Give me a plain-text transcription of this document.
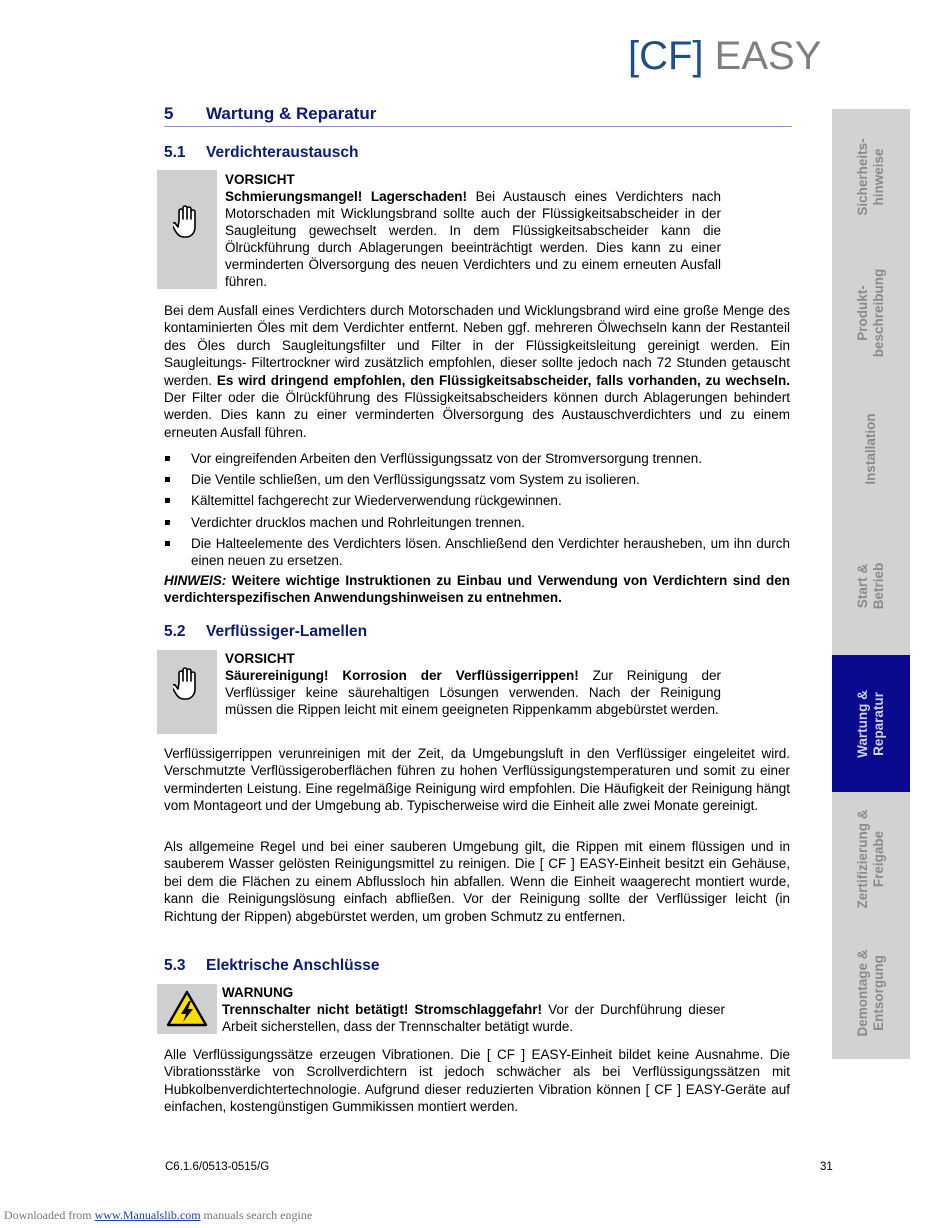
[CF] EASY
5 Wartung & Reparatur
5.1 Verdichteraustausch
VORSICHT
Schmierungsmangel! Lagerschaden! Bei Austausch eines Verdichters nach Motorschaden mit Wicklungsbrand sollte auch der Flüssigkeitsabscheider in der Saugleitung gewechselt werden. In dem Flüssigkeitsabscheider kann die Ölrückführung durch Ablagerungen beeinträchtigt werden. Dies kann zu einer verminderten Ölversorgung des neuen Verdichters und zu einem erneuten Ausfall führen.
Bei dem Ausfall eines Verdichters durch Motorschaden und Wicklungsbrand wird eine große Menge des kontaminierten Öles mit dem Verdichter entfernt. Neben ggf. mehreren Ölwechseln kann der Restanteil des Öles durch Saugleitungsfilter und Filter in der Flüssigkeitsleitung gereinigt werden. Ein Saugleitungs- Filtertrockner wird zusätzlich empfohlen, dieser sollte jedoch nach 72 Stunden getauscht werden. Es wird dringend empfohlen, den Flüssigkeitsabscheider, falls vorhanden, zu wechseln. Der Filter oder die Ölrückführung des Flüssigkeitsabscheiders können durch Ablagerungen behindert werden. Dies kann zu einer verminderten Ölversorgung des Austauschverdichters und zu einem erneuten Ausfall führen.
Vor eingreifenden Arbeiten den Verflüssigungssatz von der Stromversorgung trennen.
Die Ventile schließen, um den Verflüssigungssatz vom System zu isolieren.
Kältemittel fachgerecht zur Wiederverwendung rückgewinnen.
Verdichter drucklos machen und Rohrleitungen trennen.
Die Halteelemente des Verdichters lösen. Anschließend den Verdichter herausheben, um ihn durch einen neuen zu ersetzen.
HINWEIS: Weitere wichtige Instruktionen zu Einbau und Verwendung von Verdichtern sind den verdichterspezifischen Anwendungshinweisen zu entnehmen.
5.2 Verflüssiger-Lamellen
VORSICHT
Säurereinigung! Korrosion der Verflüssigerrippen! Zur Reinigung der Verflüssiger keine säurehaltigen Lösungen verwenden. Nach der Reinigung müssen die Rippen leicht mit einem geeigneten Rippenkamm abgebürstet werden.
Verflüssigerrippen verunreinigen mit der Zeit, da Umgebungsluft in den Verflüssiger eingeleitet wird. Verschmutzte Verflüssigeroberflächen führen zu hohen Verflüssigungstemperaturen und somit zu einer verminderten Leistung. Eine regelmäßige Reinigung wird empfohlen. Die Häufigkeit der Reinigung hängt vom Montageort und der Umgebung ab. Typischerweise wird die Einheit alle zwei Monate gereinigt.
Als allgemeine Regel und bei einer sauberen Umgebung gilt, die Rippen mit einem flüssigen und in sauberem Wasser gelösten Reinigungsmittel zu reinigen. Die [ CF ] EASY-Einheit besitzt ein Gehäuse, bei dem die Flächen zu einem Abflussloch hin abfallen. Wenn die Einheit waagerecht montiert wurde, kann die Reinigungslösung einfach abfließen. Vor der Reinigung sollte der Verflüssiger leicht (in Richtung der Rippen) abgebürstet werden, um groben Schmutz zu entfernen.
5.3 Elektrische Anschlüsse
WARNUNG
Trennschalter nicht betätigt! Stromschlaggefahr! Vor der Durchführung dieser Arbeit sicherstellen, dass der Trennschalter betätigt wurde.
Alle Verflüssigungssätze erzeugen Vibrationen. Die [ CF ] EASY-Einheit bildet keine Ausnahme. Die Vibrationsstärke von Scrollverdichtern ist jedoch schwächer als bei Verflüssigungssätzen mit Hubkolbenverdichtertechnologie. Aufgrund dieser reduzierten Vibration können [ CF ] EASY-Geräte auf einfachen, kostengünstigen Gummikissen montiert werden.
Sicherheits-
hinweise
Produkt-
beschreibung
Installation
Start &
Betrieb
Wartung &
Reparatur
Zertifizierung &
Freigabe
Demontage &
Entsorgung
C6.1.6/0513-0515/G	31
Downloaded from www.Manualslib.com manuals search engine
